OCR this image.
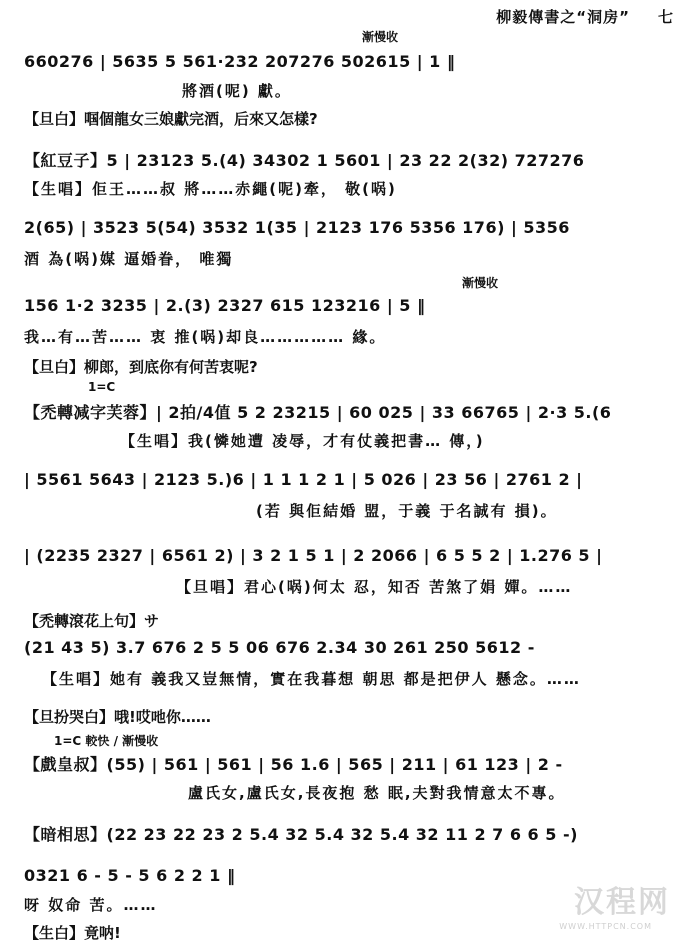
柳毅傳書之“洞房” 七
漸慢收
660276 | 5635 5 561·232 207276 502615 | 1 ‖
將酒(呢) 獻。
【旦白】啯個龍女三娘獻完酒，后來又怎樣?
【紅豆子】5 | 23123 5.(4) 34302 1 5601 | 23 22 2(32) 727276
【生唱】佢王……叔 將……赤繩(呢)牽， 敬(㖞)
2(65) | 3523 5(54) 3532 1(35 | 2123 176 5356 176) | 5356
酒 為(㖞)媒 逼婚眷， 唯獨
漸慢收
156 1·2 3235 | 2.(3) 2327 615 123216 | 5 ‖
我…有…苦…… 衷 推(㖞)却良…………… 緣。
【旦白】柳郎，到底你有何苦衷呢?
1=C
【禿轉减字芙蓉】| 2拍/4值 5 2 23215 | 60 025 | 33 66765 | 2·3 5.(6
【生唱】我(憐她遭 凌辱，才有仗義把書… 傳，)
| 5561 5643 | 2123 5.)6 | 1 1 1 2 1 | 5 026 | 23 56 | 2761 2 |
(若 與佢結婚 盟，于義 于名誠有 損)。
| (2235 2327 | 6561 2) | 3 2 1 5 1 | 2 2066 | 6 5 5 2 | 1.276 5 |
【旦唱】君心(㖞)何太 忍，知否 苦煞了娟 嬋。……
【禿轉滾花上句】サ
(21 43 5) 3.7 676 2 5 5 06 676 2.34 30 261 250 5612 -
【生唱】她有 義我又豈無情，實在我暮想 朝思 都是把伊人 懸念。……
【旦扮哭白】哦!哎吔你……
1=C 較快 / 漸慢收
【戲皇叔】(55) | 561 | 561 | 56 1.6 | 565 | 211 | 61 123 | 2 -
盧氏女,盧氏女,長夜抱 愁 眠,夫對我情意太不專。
【暗相思】(22 23 22 23 2 5.4 32 5.4 32 5.4 32 11 2 7 6 6 5 -)
0321 6 - 5 - 5 6 2 2 1 ‖
呀 奴命 苦。……
【生白】竟呐!
汉程网
WWW.HTTPCN.COM
